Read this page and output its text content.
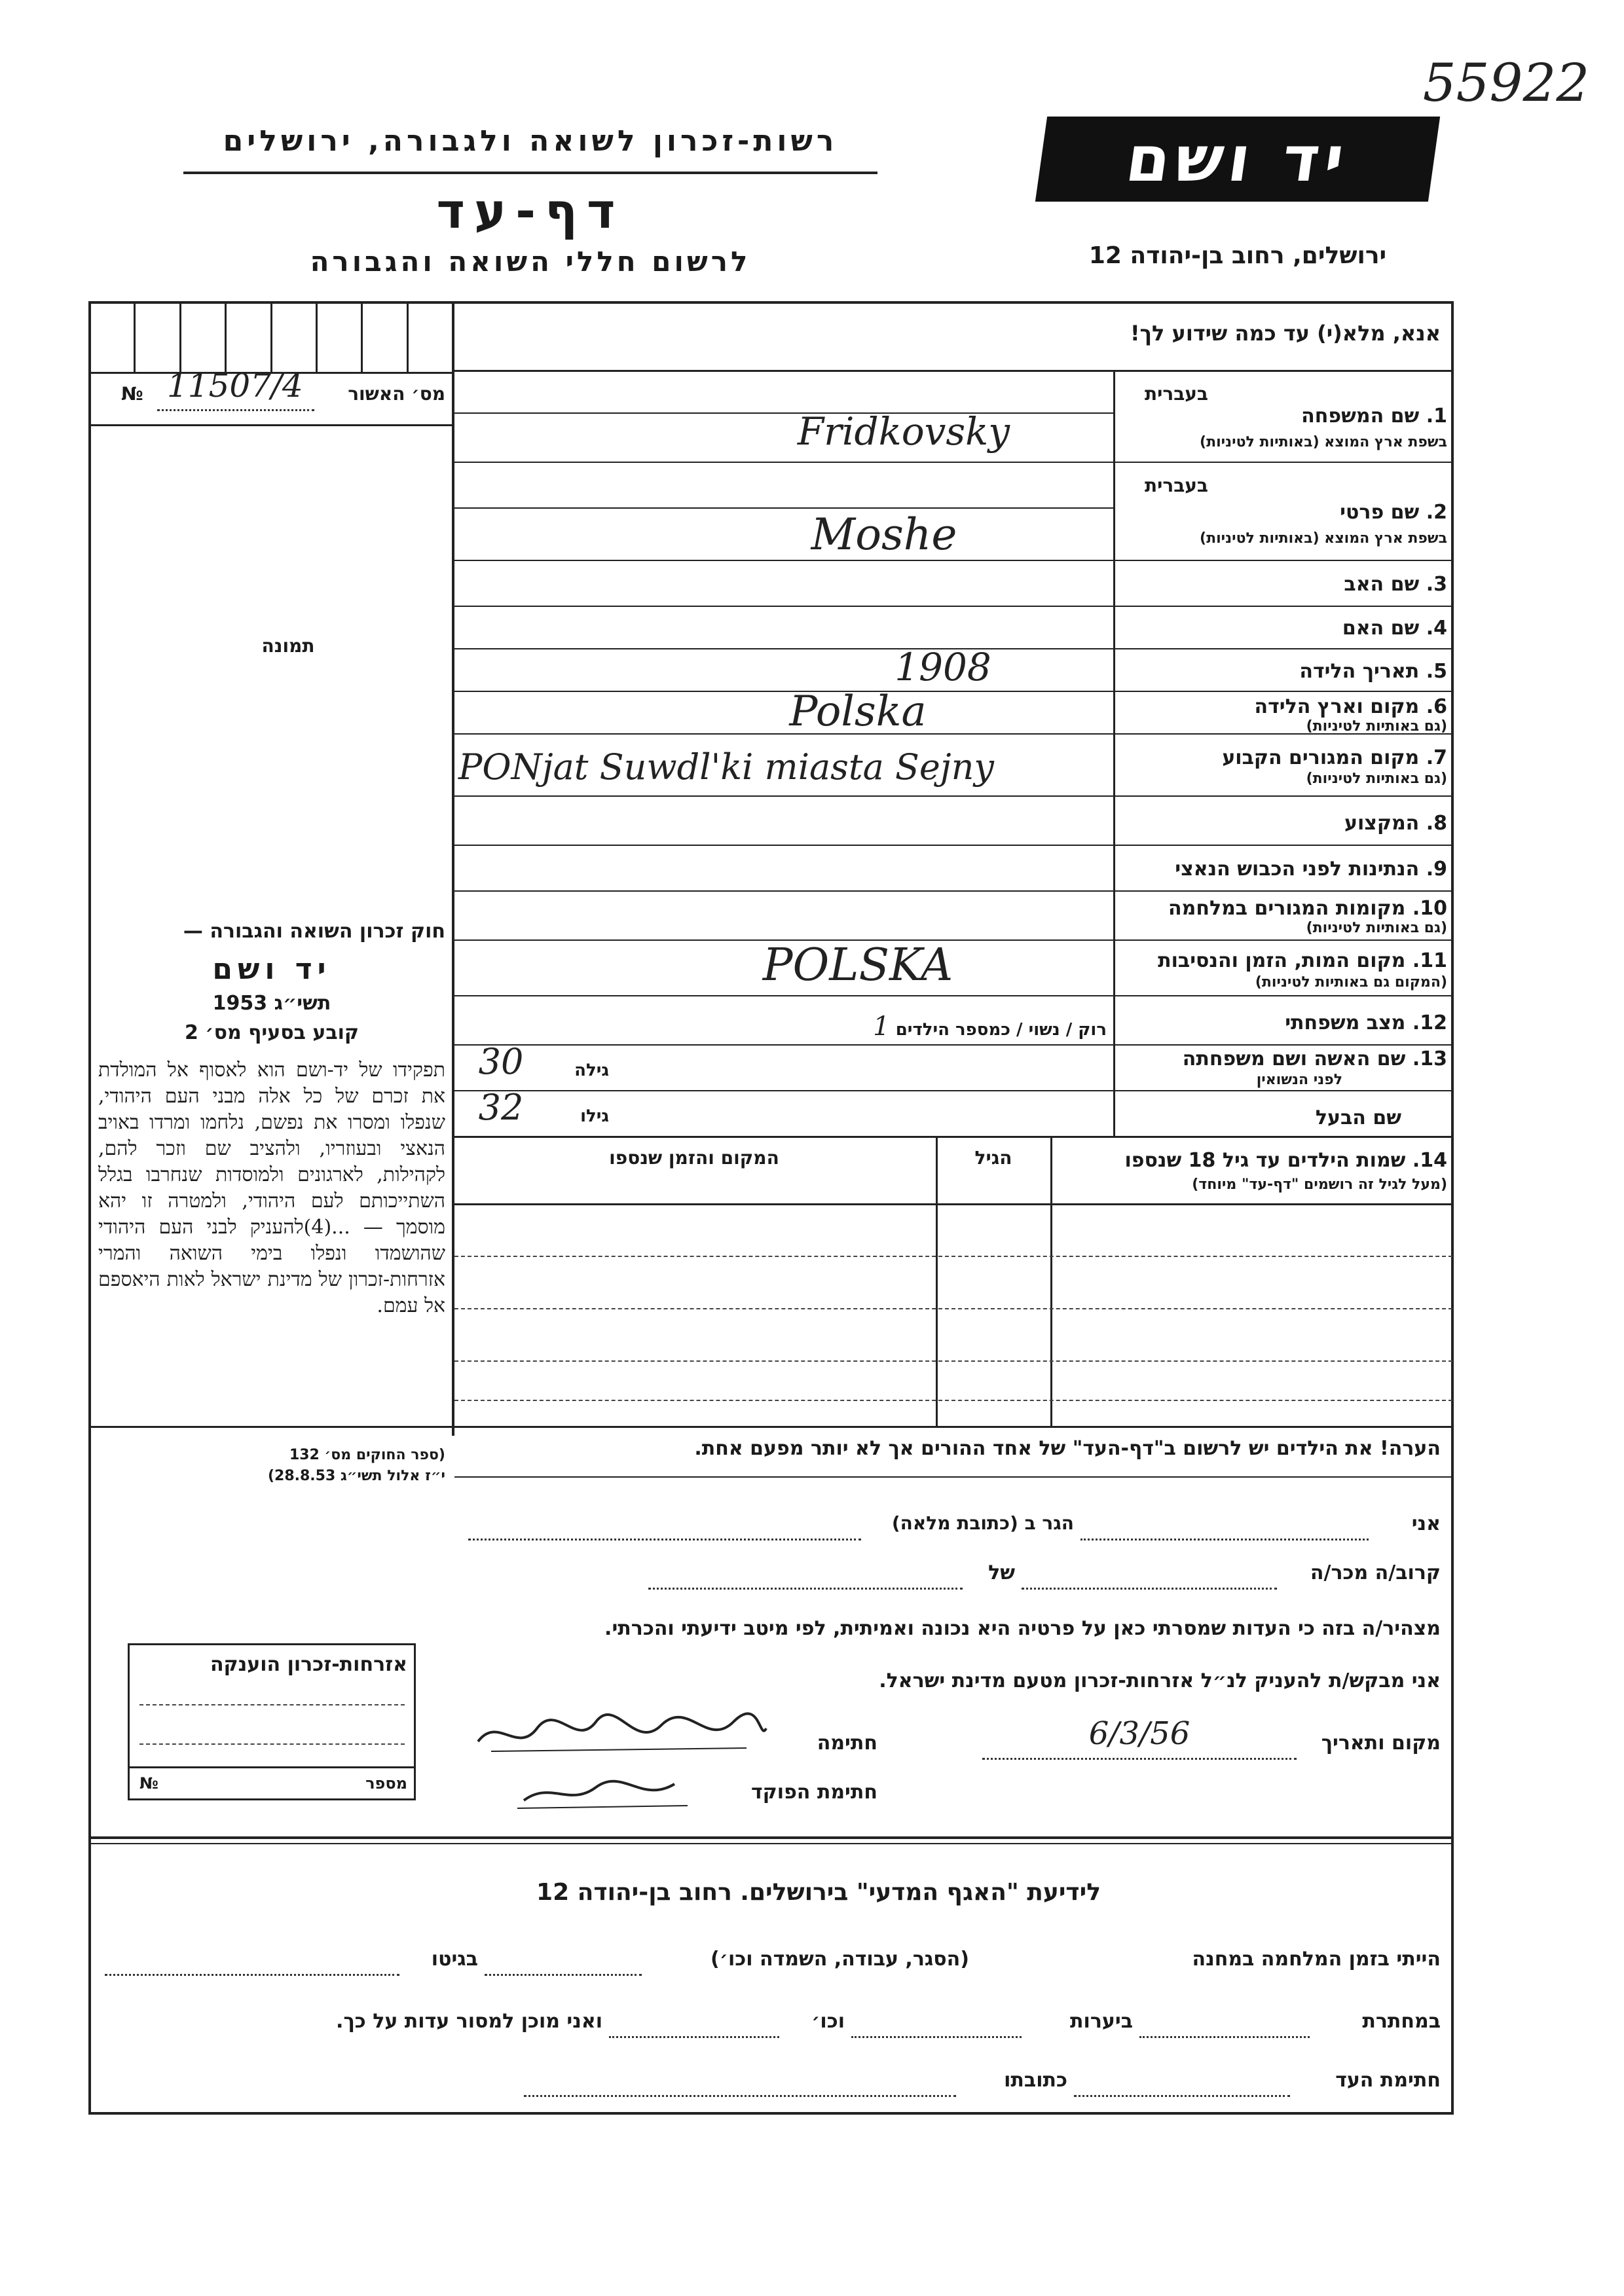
55922
רשות-זכרון לשואה ולגבורה, ירושלים
דף-עד
לרשום חללי השואה והגבורה
יד ושם
ירושלים, רחוב בן-יהודה 12
מס׳ האשור
11507/4
№
תמונה
חוק זכרון השואה והגבורה —
יד ושם
תשי״ג 1953
קובע בסעיף מס׳ 2
תפקידו של יד-ושם הוא לאסוף אל המולדת את זכרם של כל אלה מבני העם היהודי, שנפלו ומסרו את נפשם, נלחמו ומרדו באויב הנאצי ובעוזריו, ולהציב שם וזכר להם, לקהילות, לארגונים ולמוסדות שנחרבו בגלל השתייכותם לעם היהודי, ולמטרה זו יהא מוסמך — ...(4)להעניק לבני העם היהודי שהושמדו ונפלו בימי השואה והמרי אזרחות-זכרון של מדינת ישראל לאות היאספם אל עמם.
(ספר החוקים מס׳ 132
י״ז אלול תשי״ג 28.8.53)
אנא, מלא(י) עד כמה שידוע לך!
בעברית
1. שם המשפחה
בשפת ארץ המוצא (באותיות לטיניות)
Fridkovsky
בעברית
2. שם פרטי
בשפת ארץ המוצא (באותיות לטיניות)
Moshe
3. שם האב
4. שם האם
5. תאריך הלידה
1908
6. מקום וארץ הלידה
(גם באותיות לטיניות)
Polska
7. מקום המגורים הקבוע
(גם באותיות לטיניות)
PONjat Suwdl'ki miasta Sejny
8. המקצוע
9. הנתינות לפני הכבוש הנאצי
10. מקומות המגורים במלחמה
(גם באותיות לטיניות)
11. מקום המות, הזמן והנסיבות
(המקום גם באותיות לטיניות)
POLSKA
12. מצב משפחתי
רוק / נשוי / כמספר הילדים 1
13. שם האשה ושם משפחתה
לפני הנשואין
גילה
30
שם הבעל
גילו
32
14. שמות הילדים עד גיל 18 שנספו
(מעל לגיל זה רושמים "דף-עד" מיוחד)
הגיל
המקום והזמן שנספו
הערה! את הילדים יש לרשום ב"דף-העד" של אחד ההורים אך לא יותר מפעם אחת.
אני
הגר ב (כתובת מלאה)
קרוב/ה מכר/ה
של
מצהיר/ה בזה כי העדות שמסרתי כאן על פרטיה היא נכונה ואמיתית, לפי מיטב ידיעתי והכרתי.
אני מבקש/ת להעניק לנ״ל אזרחות-זכרון מטעם מדינת ישראל.
מקום ותאריך
6/3/56
חתימה
חתימת הפוקד
אזרחות-זכרון הוענקה
מספר
№
לידיעת "האגף המדעי" בירושלים. רחוב בן-יהודה 12
הייתי בזמן המלחמה במחנה
(הסגר, עבודה, השמדה וכו׳)
בגיטו
במחתרת
ביערות
וכו׳
ואני מוכן למסור עדות על כך.
חתימת העד
כתובתו
